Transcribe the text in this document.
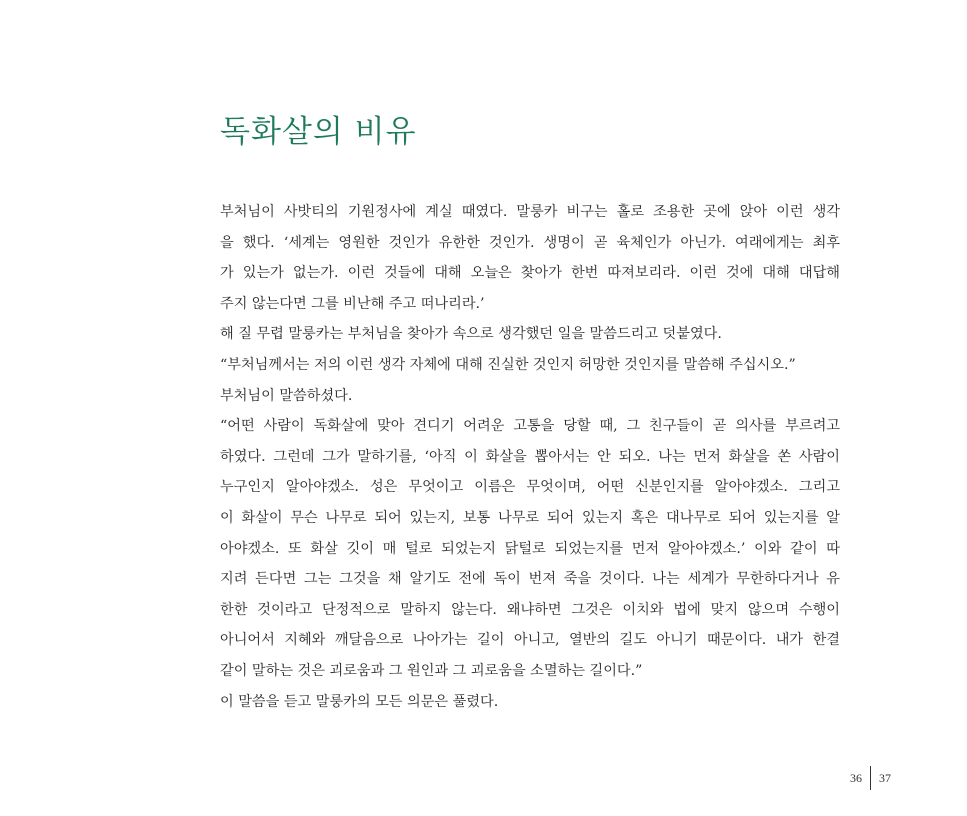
독화살의 비유
부처님이 사밧티의 기원정사에 계실 때였다. 말룽카 비구는 홀로 조용한 곳에 앉아 이런 생각
을 했다. ‘세계는 영원한 것인가 유한한 것인가. 생명이 곧 육체인가 아닌가. 여래에게는 최후
가 있는가 없는가. 이런 것들에 대해 오늘은 찾아가 한번 따져보리라. 이런 것에 대해 대답해
주지 않는다면 그를 비난해 주고 떠나리라.’
해 질 무렵 말룽카는 부처님을 찾아가 속으로 생각했던 일을 말씀드리고 덧붙였다.
“부처님께서는 저의 이런 생각 자체에 대해 진실한 것인지 허망한 것인지를 말씀해 주십시오.”
부처님이 말씀하셨다.
“어떤 사람이 독화살에 맞아 견디기 어려운 고통을 당할 때, 그 친구들이 곧 의사를 부르려고
하였다. 그런데 그가 말하기를, ‘아직 이 화살을 뽑아서는 안 되오. 나는 먼저 화살을 쏜 사람이
누구인지 알아야겠소. 성은 무엇이고 이름은 무엇이며, 어떤 신분인지를 알아야겠소. 그리고
이 화살이 무슨 나무로 되어 있는지, 보통 나무로 되어 있는지 혹은 대나무로 되어 있는지를 알
아야겠소. 또 화살 깃이 매 털로 되었는지 닭털로 되었는지를 먼저 알아야겠소.’ 이와 같이 따
지려 든다면 그는 그것을 채 알기도 전에 독이 번져 죽을 것이다. 나는 세계가 무한하다거나 유
한한 것이라고 단정적으로 말하지 않는다. 왜냐하면 그것은 이치와 법에 맞지 않으며 수행이
아니어서 지혜와 깨달음으로 나아가는 길이 아니고, 열반의 길도 아니기 때문이다. 내가 한결
같이 말하는 것은 괴로움과 그 원인과 그 괴로움을 소멸하는 길이다.”
이 말씀을 듣고 말룽카의 모든 의문은 풀렸다.
36 37
